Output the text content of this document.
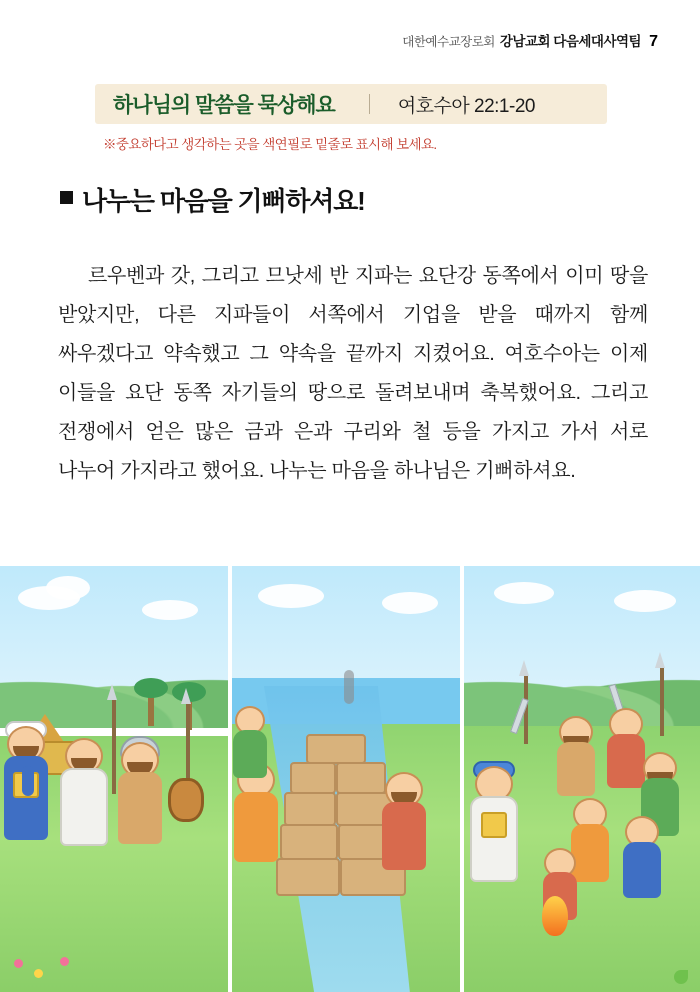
대한예수교장로회 강남교회 다음세대사역팀 7
하나님의 말씀을 묵상해요	여호수아 22:1-20
※중요하다고 생각하는 곳을 색연필로 밑줄로 표시해 보세요.
나누는 마음을 기뻐하셔요!

르우벤과 갓, 그리고 므낫세 반 지파는 요단강 동쪽에서 이미 땅을 받았지만, 다른 지파들이 서쪽에서 기업을 받을 때까지 함께 싸우겠다고 약속했고 그 약속을 끝까지 지켰어요. 여호수아는 이제 이들을 요단 동쪽 자기들의 땅으로 돌려보내며 축복했어요. 그리고 전쟁에서 얻은 많은 금과 은과 구리와 철 등을 가지고 가서 서로 나누어 가지라고 했어요. 나누는 마음을 하나님은 기뻐하셔요.
